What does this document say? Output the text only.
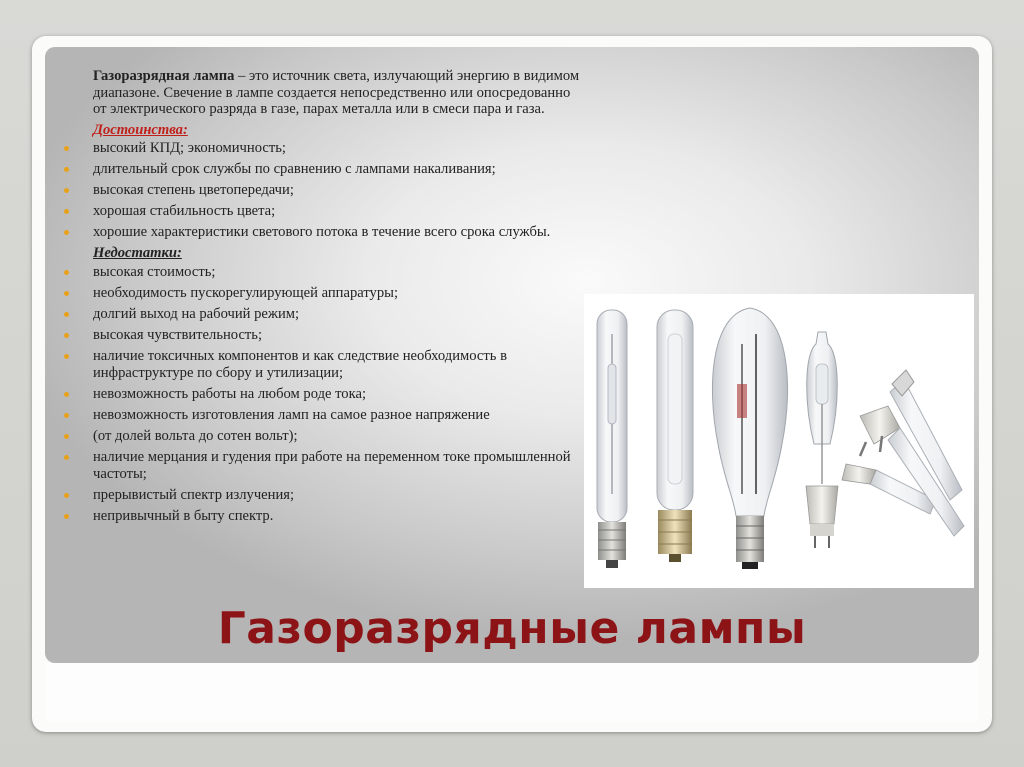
Газоразрядная лампа – это источник света, излучающий энергию в видимом диапазоне. Свечение в лампе создается непосредственно или опосредованно от электрического разряда в газе, парах металла или в смеси пара и газа.

Достоинства:
высокий КПД; экономичность;
длительный срок службы по сравнению с лампами накаливания;
высокая степень цветопередачи;
хорошая стабильность цвета;
хорошие характеристики светового потока в течение всего срока службы.
Недостатки:
высокая стоимость;
необходимость пускорегулирующей аппаратуры;
долгий выход на рабочий режим;
высокая чувствительность;
наличие токсичных компонентов и как следствие необходимость в инфраструктуре по сбору и утилизации;
невозможность работы на любом роде тока;
невозможность изготовления ламп на самое разное напряжение
(от долей вольта до сотен вольт);
наличие мерцания и гудения при работе на переменном токе промышленной частоты;
прерывистый спектр излучения;
непривычный в быту спектр.
Газоразрядные лампы
